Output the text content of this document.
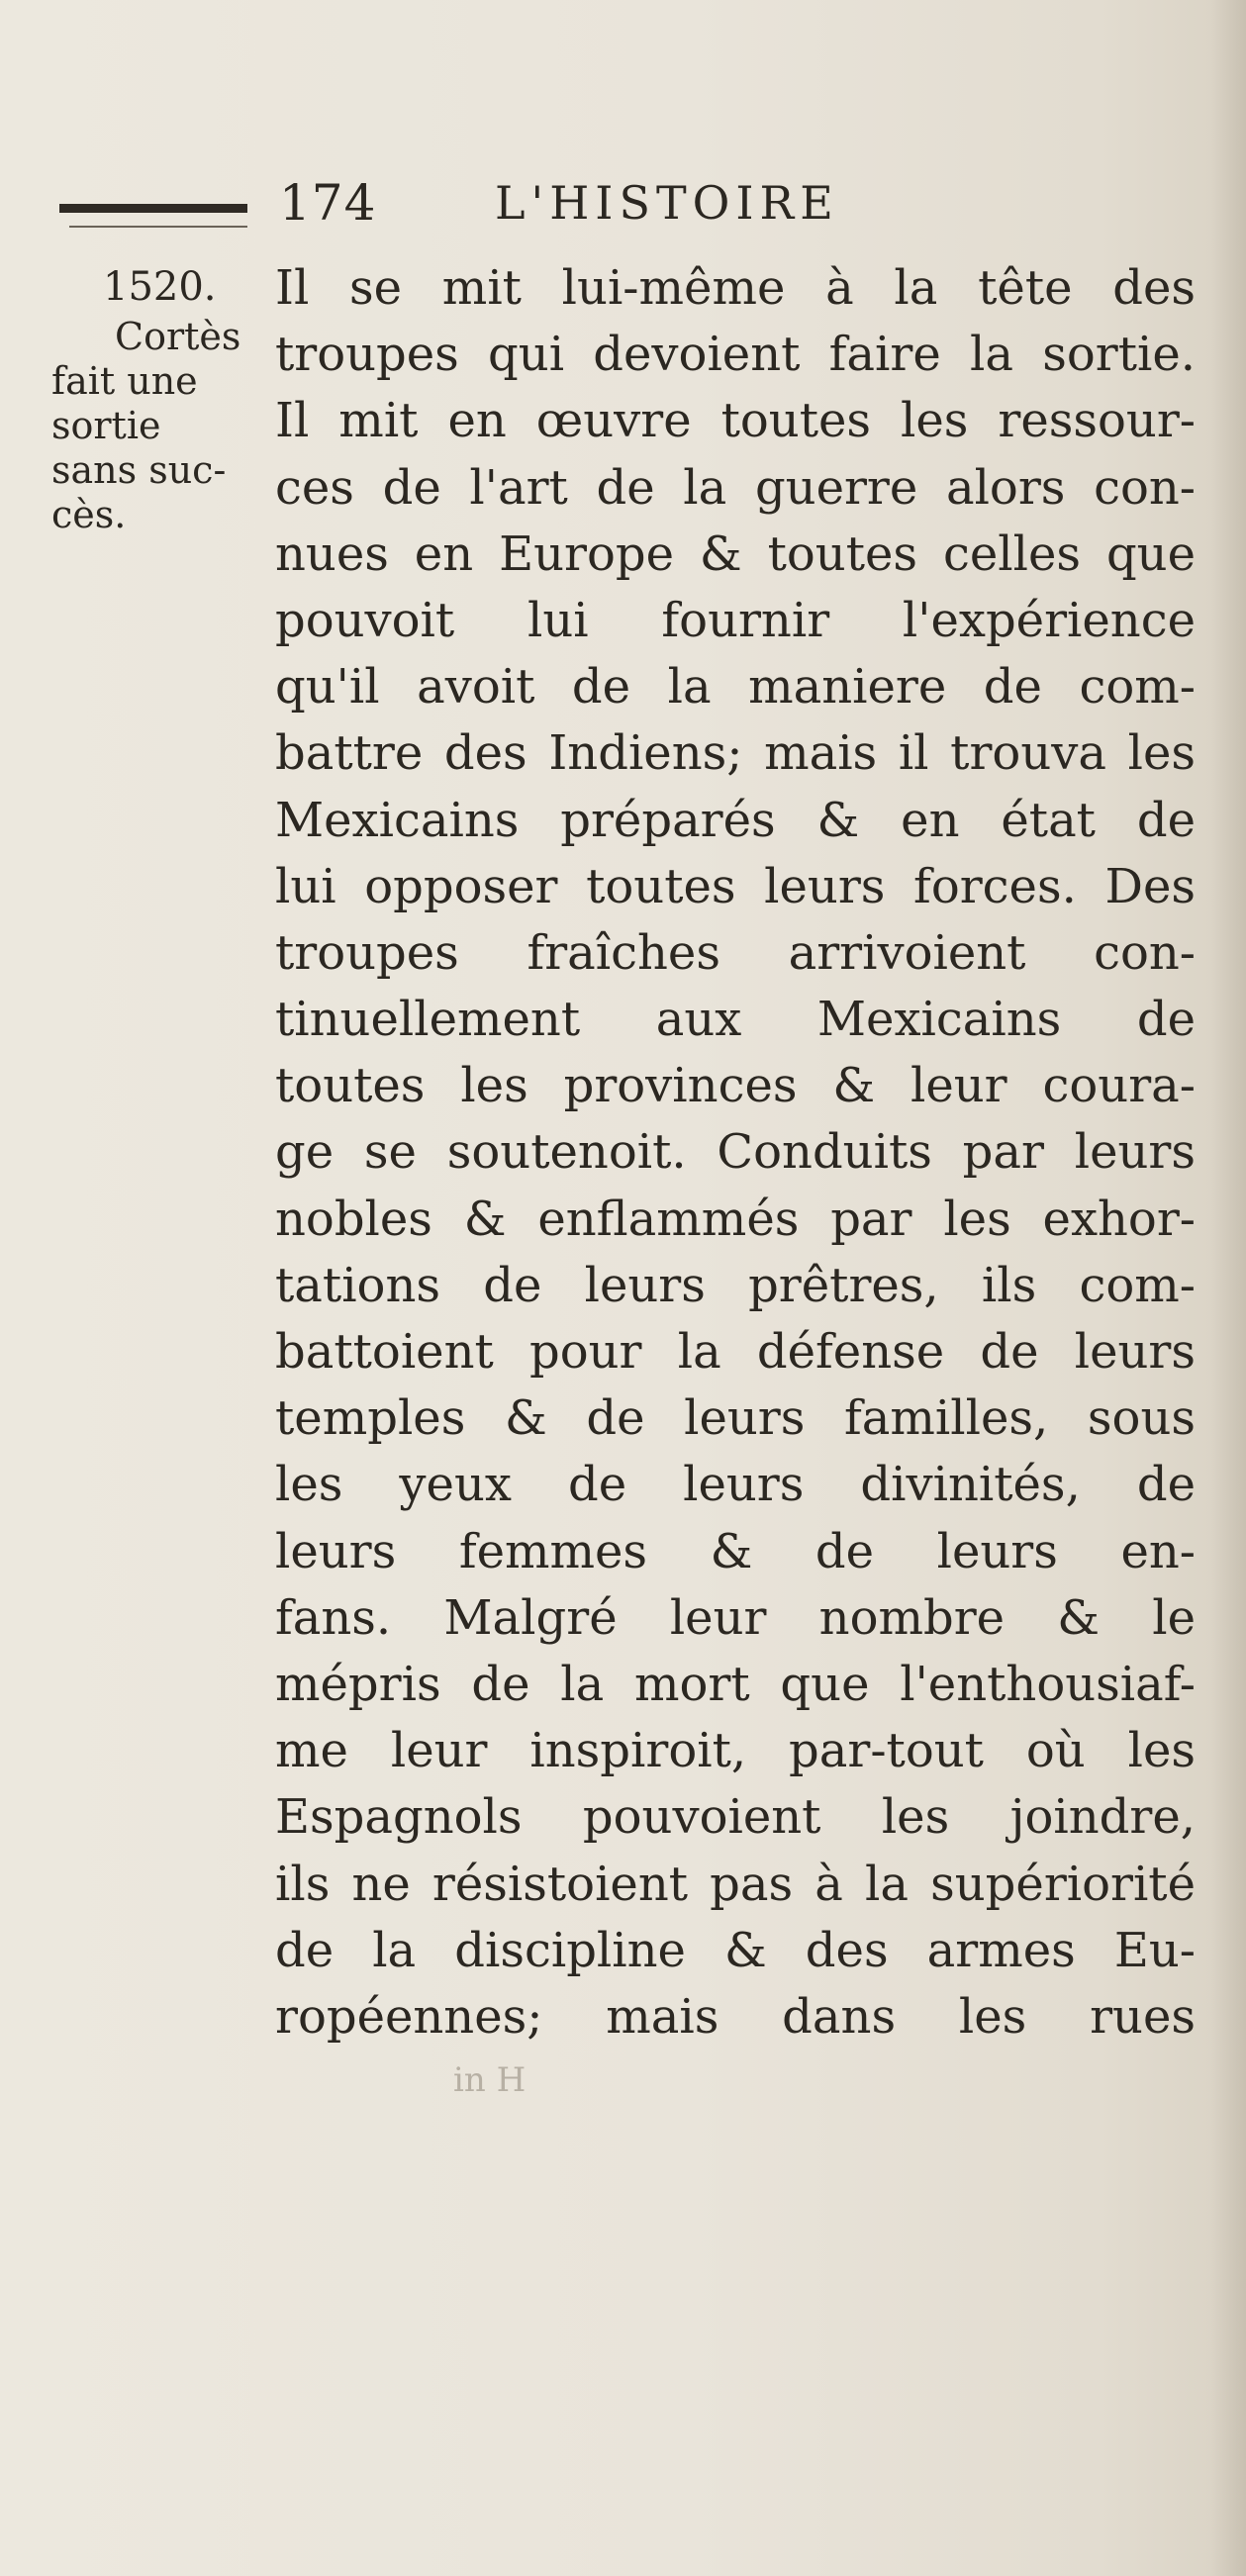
174	L'HISTOIRE
1520.
Cortès
fait une
sortie
sans suc-
cès.
Il se mit lui-même à la tête des
troupes qui devoient faire la sortie.
Il mit en œuvre toutes les ressour-
ces de l'art de la guerre alors con-
nues en Europe & toutes celles que
pouvoit lui fournir l'expérience
qu'il avoit de la maniere de com-
battre des Indiens; mais il trouva les
Mexicains préparés & en état de
lui opposer toutes leurs forces. Des
troupes fraîches arrivoient con-
tinuellement aux Mexicains de
toutes les provinces & leur coura-
ge se soutenoit. Conduits par leurs
nobles & enflammés par les exhor-
tations de leurs prêtres, ils com-
battoient pour la défense de leurs
temples & de leurs familles, sous
les yeux de leurs divinités, de
leurs femmes & de leurs en-
fans. Malgré leur nombre & le
mépris de la mort que l'enthousiaf-
me leur inspiroit, par-tout où les
Espagnols pouvoient les joindre,
ils ne résistoient pas à la supériorité
de la discipline & des armes Eu-
ropéennes; mais dans les rues
in H
